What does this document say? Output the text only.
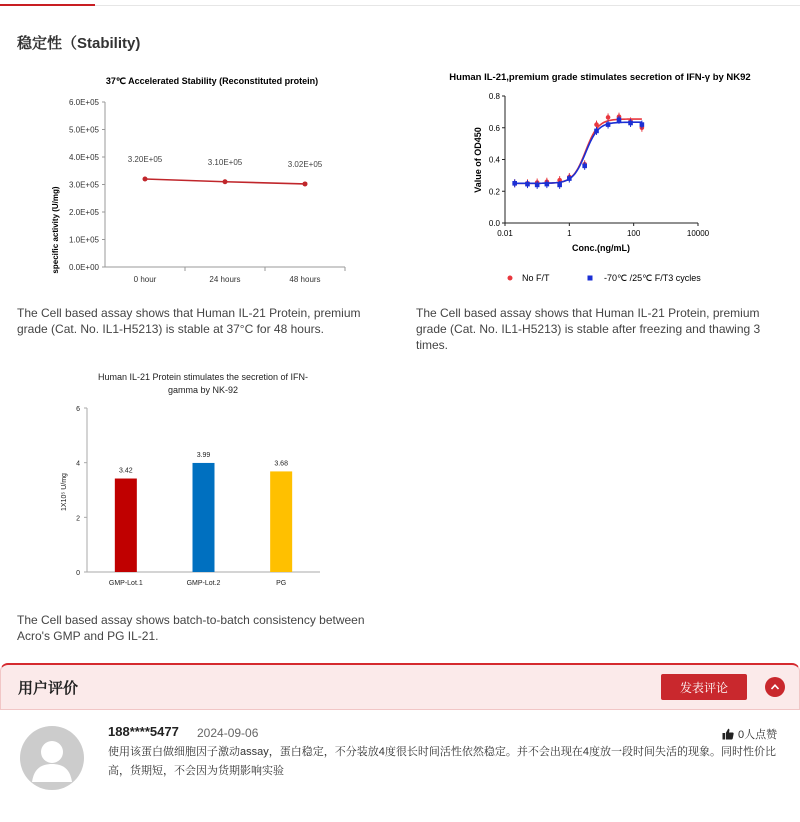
稳定性（Stability)
37℃ Accelerated Stability (Reconstituted protein)
0.0E+00
1.0E+05
2.0E+05
3.0E+05
4.0E+05
5.0E+05
6.0E+05
0 hour	24 hours	48 hours
3.20E+05	3.10E+05	3.02E+05
specific activity (U/mg)
Human IL-21,premium grade stimulates secretion of IFN-γ by NK92
0.0
0.2
0.4
0.6
0.8
0.01	1	100	10000
Value of OD450
Conc.(ng/mL)
No F/T	-70℃ /25℃ F/T3 cycles
The Cell based assay shows that Human IL-21 Protein, premium grade (Cat. No. IL1-H5213) is stable at 37°C for 48 hours.
The Cell based assay shows that Human IL-21 Protein, premium grade (Cat. No. IL1-H5213) is stable after freezing and thawing 3 times.
Human IL-21 Protein stimulates the secretion of IFN-
gamma by NK-92
0
2
4
6
GMP-Lot.1	GMP-Lot.2	PG
3.42
3.99
3.68
1X10⁵ U/mg
The Cell based assay shows batch-to-batch consistency between Acro's GMP and PG IL-21.
用户评价	发表评论
188****5477 2024-09-06	0人点赞
使用该蛋白做细胞因子激动assay，蛋白稳定，不分装放4度很长时间活性依然稳定。并不会出现在4度放一段时间失活的现象。同时性价比高，货期短，不会因为货期影响实验
